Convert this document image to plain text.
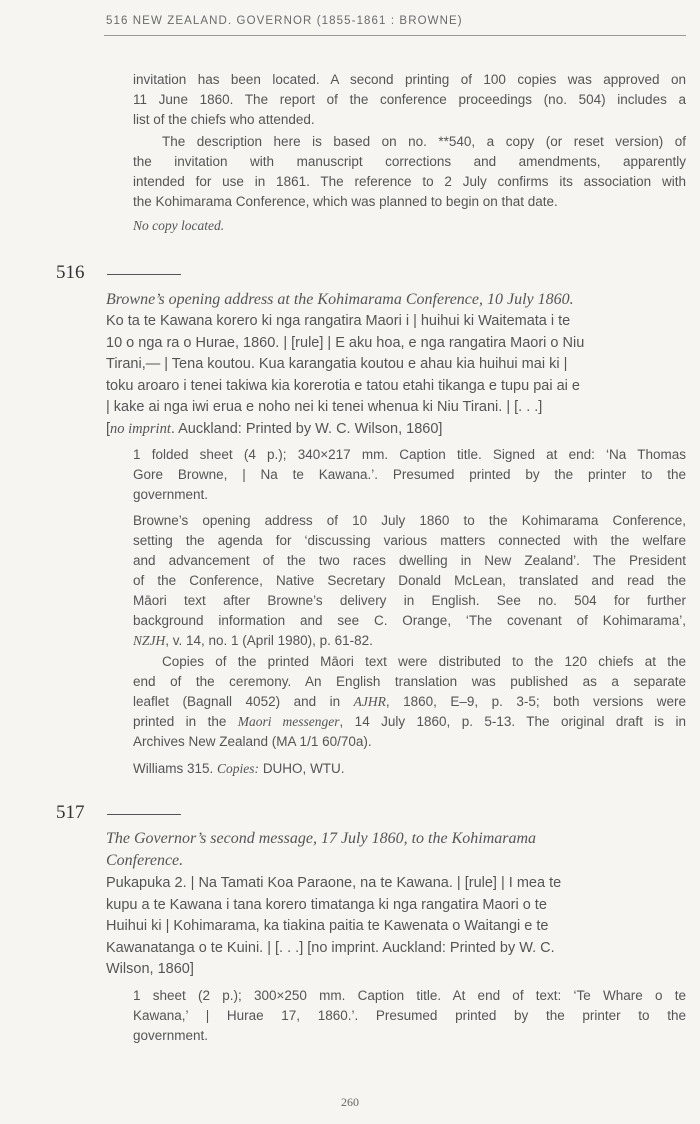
516 NEW ZEALAND. GOVERNOR (1855-1861 : BROWNE)
invitation has been located. A second printing of 100 copies was approved on
11 June 1860. The report of the conference proceedings (no. 504) includes a
list of the chiefs who attended.
The description here is based on no. **540, a copy (or reset version) of
the invitation with manuscript corrections and amendments, apparently
intended for use in 1861. The reference to 2 July confirms its association with
the Kohimarama Conference, which was planned to begin on that date.
No copy located.
516
Browne’s opening address at the Kohimarama Conference, 10 July 1860.
Ko ta te Kawana korero ki nga rangatira Maori i | huihui ki Waitemata i te
10 o nga ra o Hurae, 1860. | [rule] | E aku hoa, e nga rangatira Maori o Niu
Tirani,— | Tena koutou. Kua karangatia koutou e ahau kia huihui mai ki |
toku aroaro i tenei takiwa kia korerotia e tatou etahi tikanga e tupu pai ai e
| kake ai nga iwi erua e noho nei ki tenei whenua ki Niu Tirani. | [. . .]
[no imprint. Auckland: Printed by W. C. Wilson, 1860]
1 folded sheet (4 p.); 340×217 mm. Caption title. Signed at end: ‘Na Thomas
Gore Browne, | Na te Kawana.’. Presumed printed by the printer to the
government.
Browne’s opening address of 10 July 1860 to the Kohimarama Conference,
setting the agenda for ‘discussing various matters connected with the welfare
and advancement of the two races dwelling in New Zealand’. The President
of the Conference, Native Secretary Donald McLean, translated and read the
Māori text after Browne’s delivery in English. See no. 504 for further
background information and see C. Orange, ‘The covenant of Kohimarama’,
NZJH, v. 14, no. 1 (April 1980), p. 61-82.
Copies of the printed Māori text were distributed to the 120 chiefs at the
end of the ceremony. An English translation was published as a separate
leaflet (Bagnall 4052) and in AJHR, 1860, E–9, p. 3-5; both versions were
printed in the Maori messenger, 14 July 1860, p. 5-13. The original draft is in
Archives New Zealand (MA 1/1 60/70a).
Williams 315. Copies: DUHO, WTU.
517
The Governor’s second message, 17 July 1860, to the Kohimarama
Conference.
Pukapuka 2. | Na Tamati Koa Paraone, na te Kawana. | [rule] | I mea te
kupu a te Kawana i tana korero timatanga ki nga rangatira Maori o te
Huihui ki | Kohimarama, ka tiakina paitia te Kawenata o Waitangi e te
Kawanatanga o te Kuini. | [. . .] [no imprint. Auckland: Printed by W. C.
Wilson, 1860]
1 sheet (2 p.); 300×250 mm. Caption title. At end of text: ‘Te Whare o te
Kawana,’ | Hurae 17, 1860.’. Presumed printed by the printer to the
government.
260
